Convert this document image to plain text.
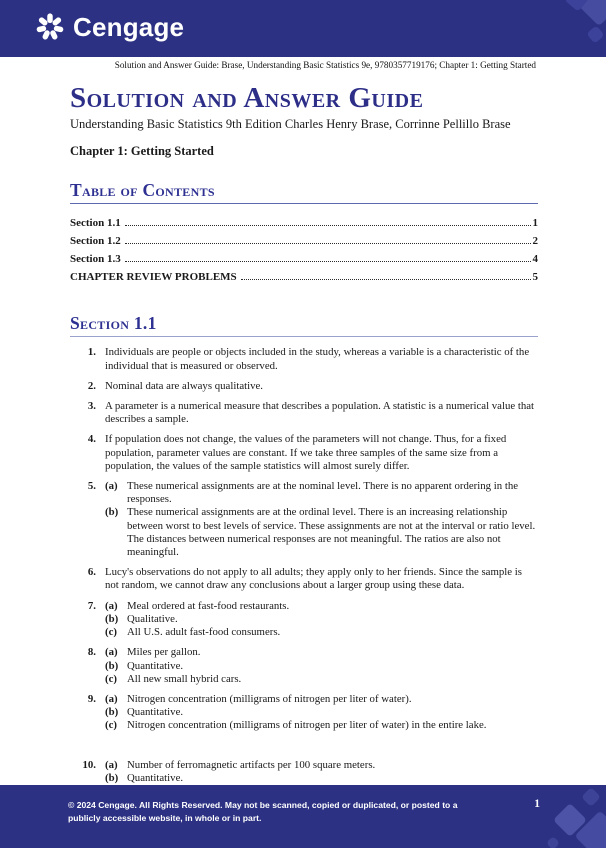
Cengage
Solution and Answer Guide: Brase, Understanding Basic Statistics 9e, 9780357719176; Chapter 1: Getting Started
Solution and Answer Guide
Understanding Basic Statistics 9th Edition Charles Henry Brase, Corrinne Pellillo Brase
Chapter 1: Getting Started
Table of Contents
Section 1.1	1
Section 1.2	2
Section 1.3	4
CHAPTER REVIEW PROBLEMS	5
Section 1.1
1. Individuals are people or objects included in the study, whereas a variable is a characteristic of the individual that is measured or observed.
2. Nominal data are always qualitative.
3. A parameter is a numerical measure that describes a population. A statistic is a numerical value that describes a sample.
4. If population does not change, the values of the parameters will not change. Thus, for a fixed population, parameter values are constant. If we take three samples of the same size from a population, the values of the sample statistics will almost surely differ.
5. (a) These numerical assignments are at the nominal level. There is no apparent ordering in the responses.
(b) These numerical assignments are at the ordinal level. There is an increasing relationship between worst to best levels of service. These assignments are not at the interval or ratio level. The distances between numerical responses are not meaningful. The ratios are also not meaningful.
6. Lucy's observations do not apply to all adults; they apply only to her friends. Since the sample is not random, we cannot draw any conclusions about a larger group using these data.
7. (a) Meal ordered at fast-food restaurants.
(b) Qualitative.
(c) All U.S. adult fast-food consumers.
8. (a) Miles per gallon.
(b) Quantitative.
(c) All new small hybrid cars.
9. (a) Nitrogen concentration (milligrams of nitrogen per liter of water).
(b) Quantitative.
(c) Nitrogen concentration (milligrams of nitrogen per liter of water) in the entire lake.
10. (a) Number of ferromagnetic artifacts per 100 square meters.
(b) Quantitative.
© 2024 Cengage. All Rights Reserved. May not be scanned, copied or duplicated, or posted to a publicly accessible website, in whole or in part.
1
